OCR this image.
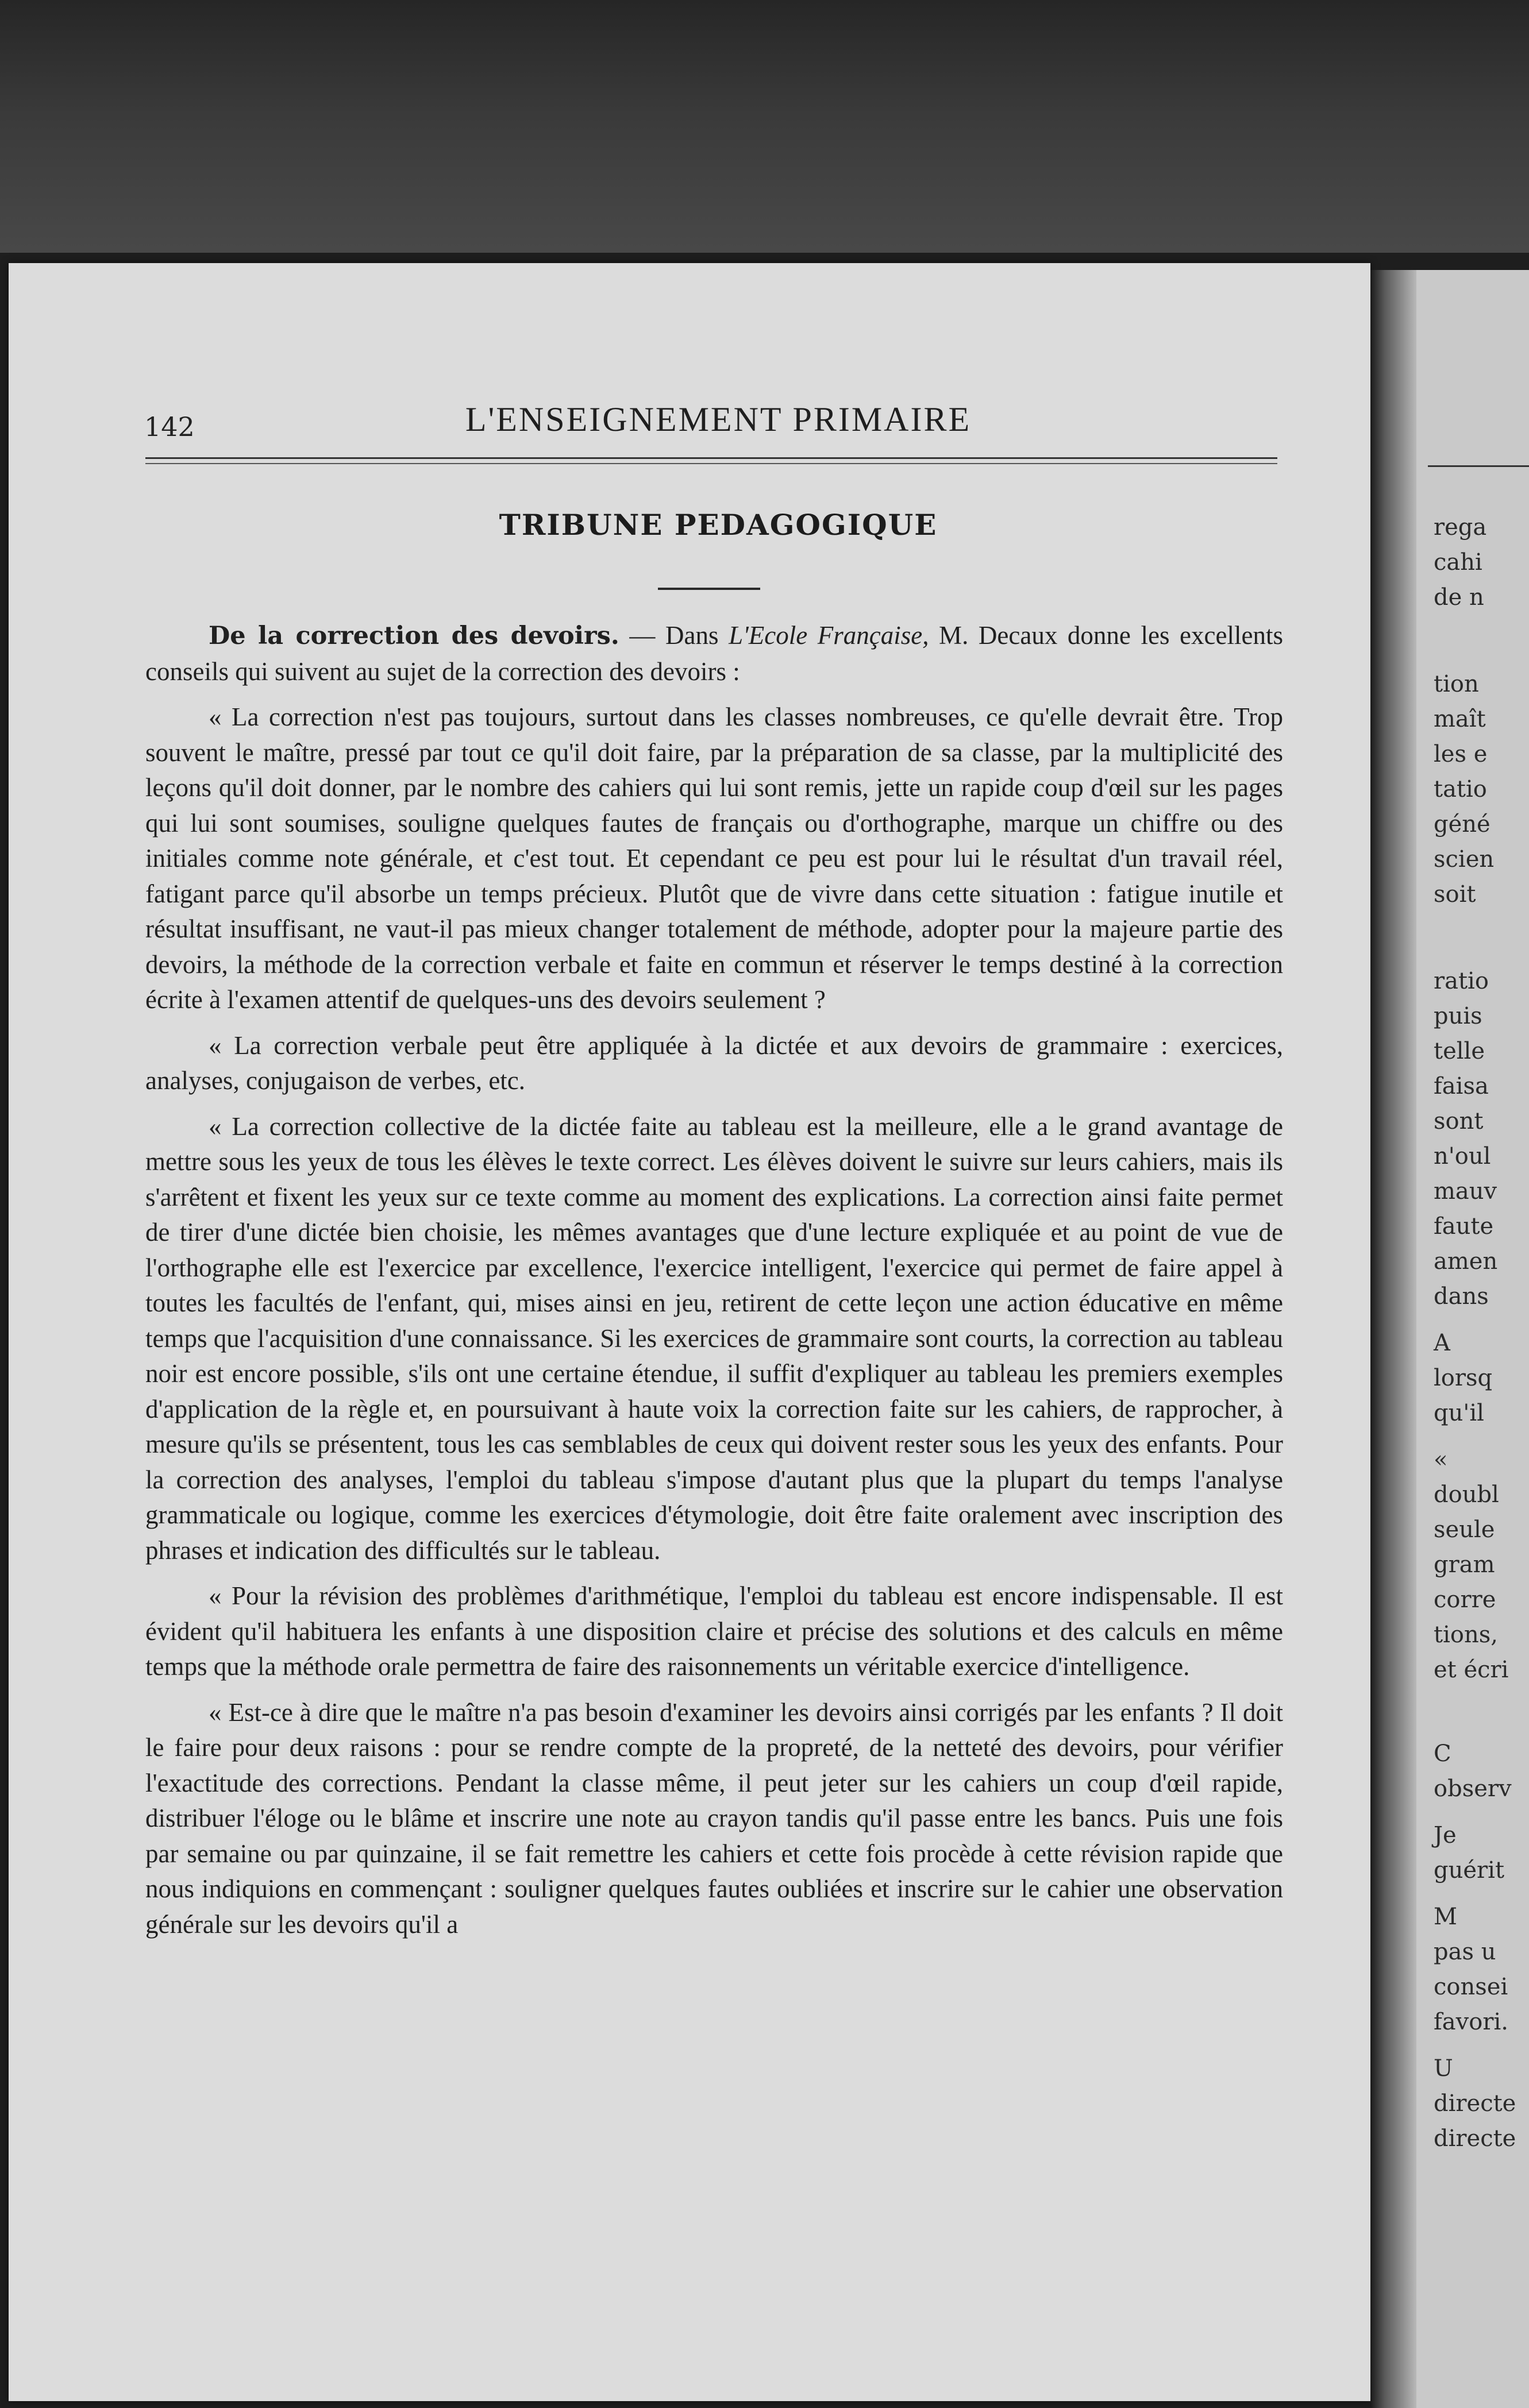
142	L'ENSEIGNEMENT PRIMAIRE
TRIBUNE PEDAGOGIQUE

De la correction des devoirs. — Dans L'Ecole Française, M. Decaux donne les excellents conseils qui suivent au sujet de la correction des devoirs :

« La correction n'est pas toujours, surtout dans les classes nombreuses, ce qu'elle devrait être. Trop souvent le maître, pressé par tout ce qu'il doit faire, par la préparation de sa classe, par la multiplicité des leçons qu'il doit donner, par le nombre des cahiers qui lui sont remis, jette un rapide coup d'œil sur les pages qui lui sont soumises, souligne quelques fautes de français ou d'orthographe, marque un chiffre ou des initiales comme note générale, et c'est tout. Et cependant ce peu est pour lui le résultat d'un travail réel, fatigant parce qu'il absorbe un temps précieux. Plutôt que de vivre dans cette situation : fatigue inutile et résultat insuffisant, ne vaut-il pas mieux changer totalement de méthode, adopter pour la majeure partie des devoirs, la méthode de la correction verbale et faite en commun et réserver le temps destiné à la correction écrite à l'examen attentif de quelques-uns des devoirs seulement ?

« La correction verbale peut être appliquée à la dictée et aux devoirs de grammaire : exercices, analyses, conjugaison de verbes, etc.

« La correction collective de la dictée faite au tableau est la meilleure, elle a le grand avantage de mettre sous les yeux de tous les élèves le texte correct. Les élèves doivent le suivre sur leurs cahiers, mais ils s'arrêtent et fixent les yeux sur ce texte comme au moment des explications. La correction ainsi faite permet de tirer d'une dictée bien choisie, les mêmes avantages que d'une lecture expliquée et au point de vue de l'orthographe elle est l'exercice par excellence, l'exercice intelligent, l'exercice qui permet de faire appel à toutes les facultés de l'enfant, qui, mises ainsi en jeu, retirent de cette leçon une action éducative en même temps que l'acquisition d'une connaissance. Si les exercices de grammaire sont courts, la correction au tableau noir est encore possible, s'ils ont une certaine étendue, il suffit d'expliquer au tableau les premiers exemples d'application de la règle et, en poursuivant à haute voix la correction faite sur les cahiers, de rapprocher, à mesure qu'ils se présentent, tous les cas semblables de ceux qui doivent rester sous les yeux des enfants. Pour la correction des analyses, l'emploi du tableau s'impose d'autant plus que la plupart du temps l'analyse grammaticale ou logique, comme les exercices d'étymologie, doit être faite oralement avec inscription des phrases et indication des difficultés sur le tableau.

« Pour la révision des problèmes d'arithmétique, l'emploi du tableau est encore indispensable. Il est évident qu'il habituera les enfants à une disposition claire et précise des solutions et des calculs en même temps que la méthode orale permettra de faire des raisonnements un véritable exercice d'intelligence.

« Est-ce à dire que le maître n'a pas besoin d'examiner les devoirs ainsi corrigés par les enfants ? Il doit le faire pour deux raisons : pour se rendre compte de la propreté, de la netteté des devoirs, pour vérifier l'exactitude des corrections. Pendant la classe même, il peut jeter sur les cahiers un coup d'œil rapide, distribuer l'éloge ou le blâme et inscrire une note au crayon tandis qu'il passe entre les bancs. Puis une fois par semaine ou par quinzaine, il se fait remettre les cahiers et cette fois procède à cette révision rapide que nous indiquions en commençant : souligner quelques fautes oubliées et inscrire sur le cahier une observation générale sur les devoirs qu'il a

rega
cahi
de n
tion
maît
les e
tatio
géné
scien
soit
ratio
puis
telle
faisa
sont
n'oul
mauv
faute
amen
dans
A
lorsq
qu'il
«
doubl
seule
gram
corre
tions,
et écri
C
observ
Je
guérit
M
pas u
consei
favori.
U
directe
directe
